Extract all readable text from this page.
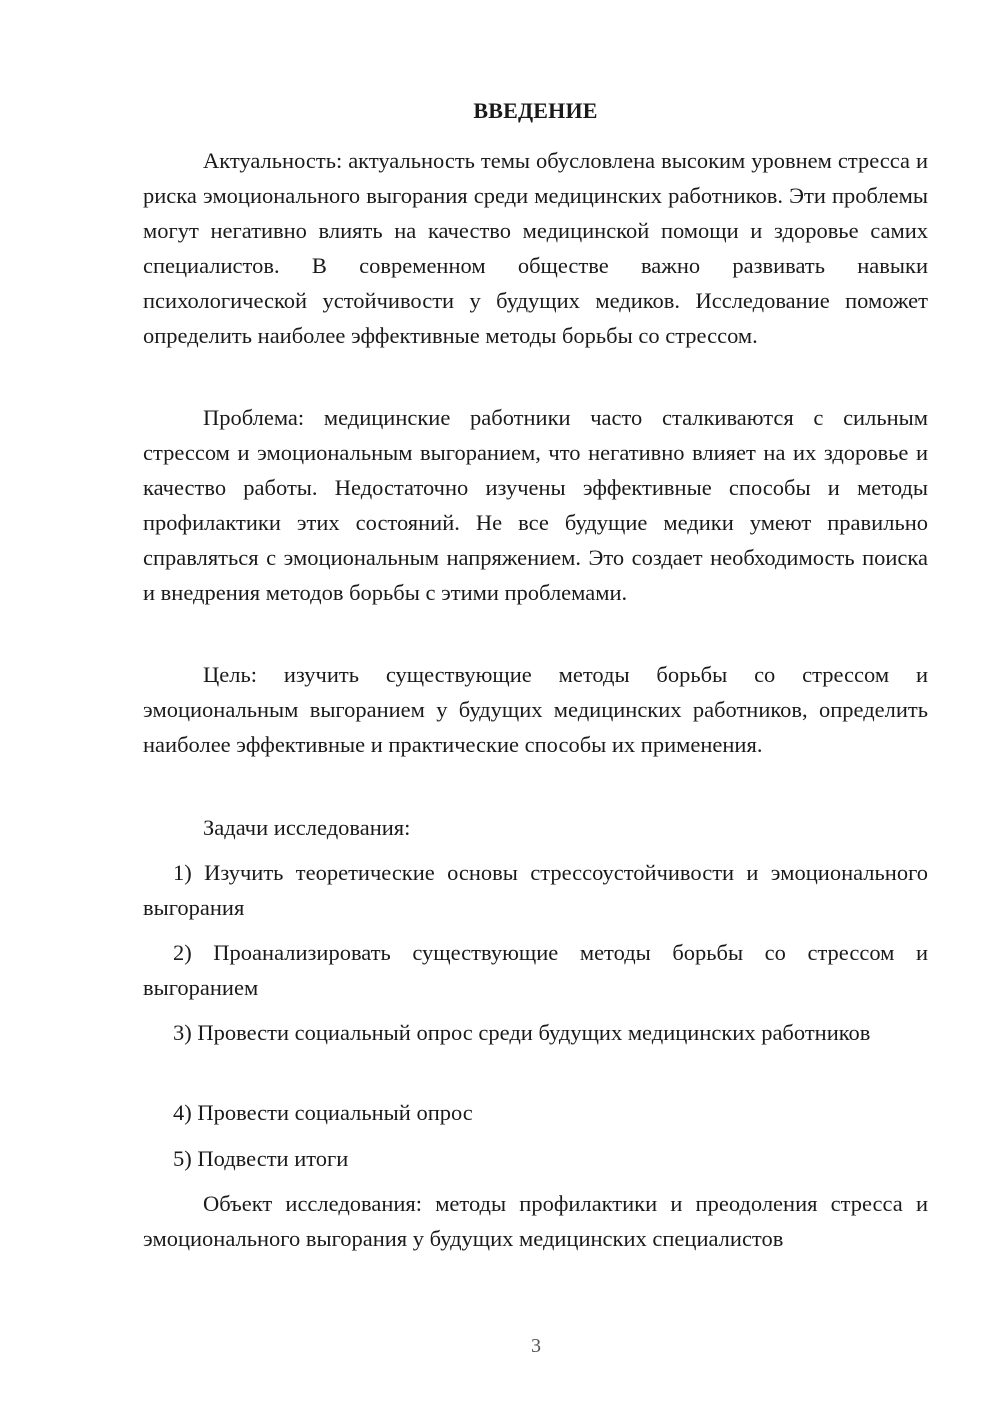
ВВЕДЕНИЕ

Актуальность: актуальность темы обусловлена высоким уровнем стресса и риска эмоционального выгорания среди медицинских работников. Эти проблемы могут негативно влиять на качество медицинской помощи и здоровье самих специалистов. В современном обществе важно развивать навыки психологической устойчивости у будущих медиков. Исследование поможет определить наиболее эффективные методы борьбы со стрессом.

Проблема: медицинские работники часто сталкиваются с сильным стрессом и эмоциональным выгоранием, что негативно влияет на их здоровье и качество работы. Недостаточно изучены эффективные способы и методы профилактики этих состояний. Не все будущие медики умеют правильно справляться с эмоциональным напряжением. Это создает необходимость поиска и внедрения методов борьбы с этими проблемами.

Цель: изучить существующие методы борьбы со стрессом и эмоциональным выгоранием у будущих медицинских работников, определить наиболее эффективные и практические способы их применения.

Задачи исследования:

1) Изучить теоретические основы стрессоустойчивости и эмоционального выгорания

2) Проанализировать существующие методы борьбы со стрессом и выгоранием

3) Провести социальный опрос среди будущих медицинских работников

4) Провести социальный опрос

5) Подвести итоги

Объект исследования: методы профилактики и преодоления стресса и эмоционального выгорания у будущих медицинских специалистов

3
